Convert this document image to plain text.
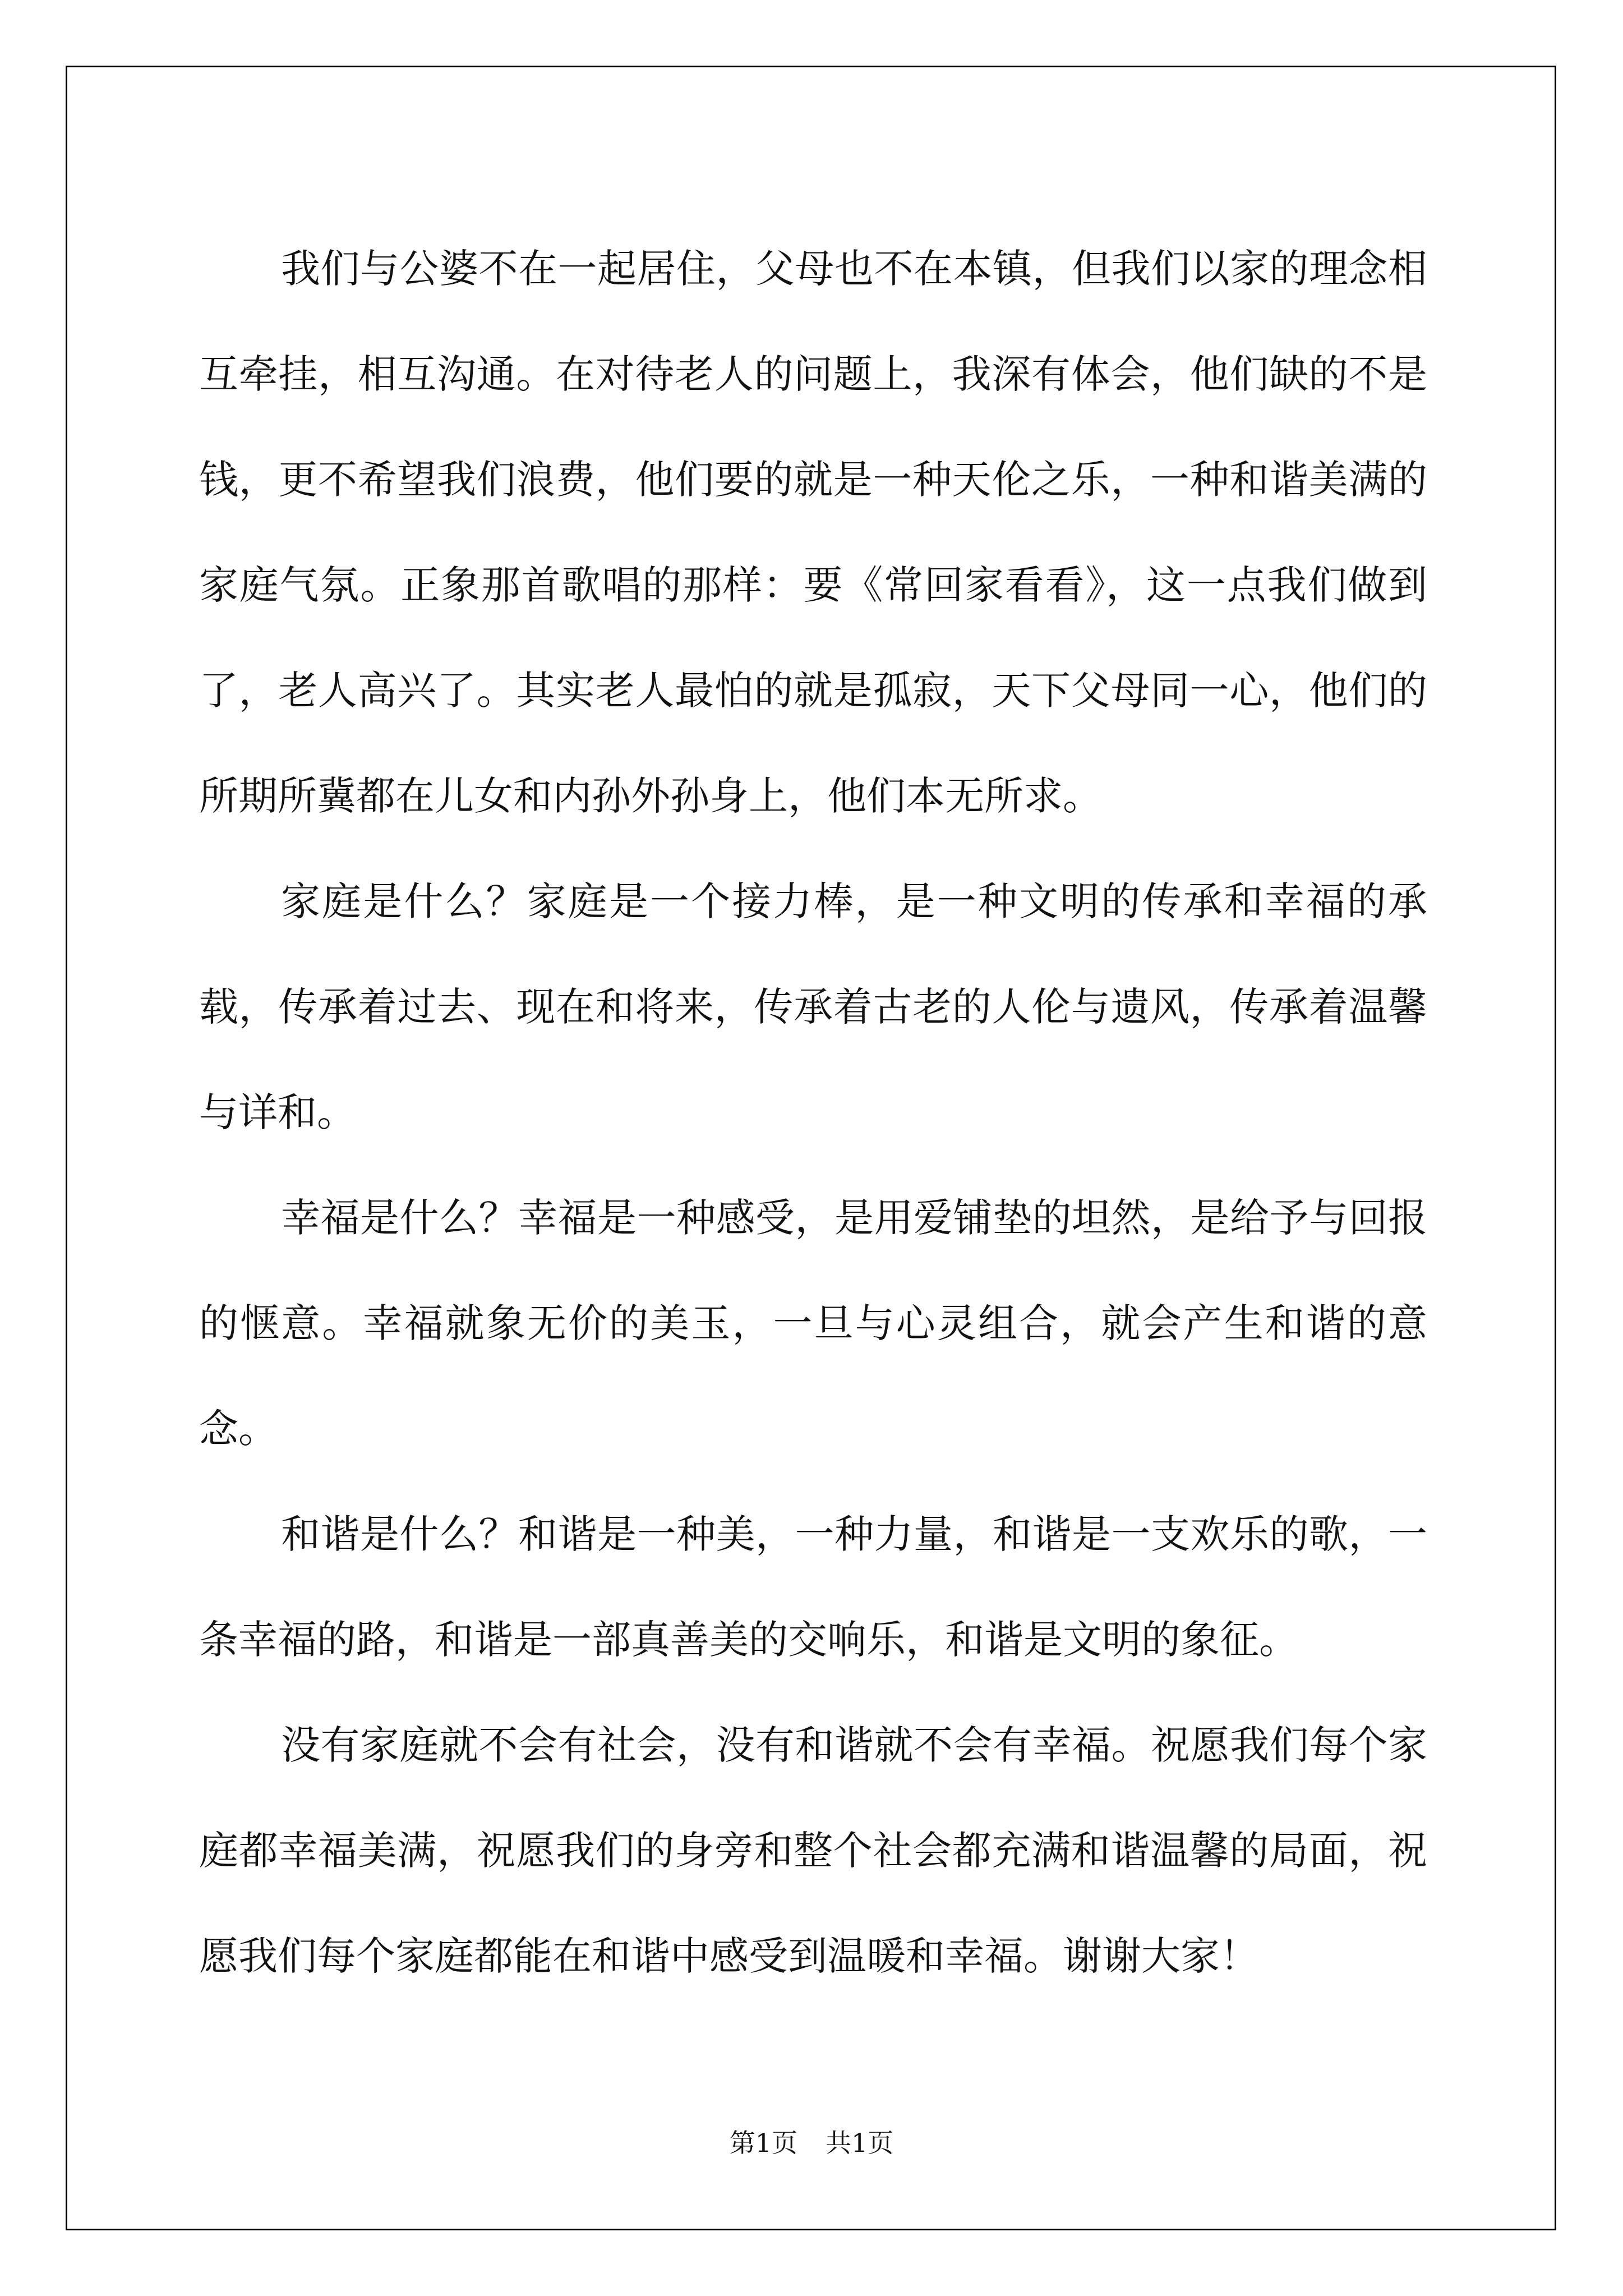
我们与公婆不在一起居住，父母也不在本镇，但我们以家的理念相互牵挂，相互沟通。在对待老人的问题上，我深有体会，他们缺的不是钱，更不希望我们浪费，他们要的就是一种天伦之乐，一种和谐美满的家庭气氛。正象那首歌唱的那样：要《常回家看看》，这一点我们做到了，老人高兴了。其实老人最怕的就是孤寂，天下父母同一心，他们的所期所冀都在儿女和内孙外孙身上，他们本无所求。

家庭是什么？家庭是一个接力棒，是一种文明的传承和幸福的承载，传承着过去、现在和将来，传承着古老的人伦与遗风，传承着温馨与详和。

幸福是什么？幸福是一种感受，是用爱铺垫的坦然，是给予与回报的惬意。幸福就象无价的美玉，一旦与心灵组合，就会产生和谐的意念。

和谐是什么？和谐是一种美，一种力量，和谐是一支欢乐的歌，一条幸福的路，和谐是一部真善美的交响乐，和谐是文明的象征。

没有家庭就不会有社会，没有和谐就不会有幸福。祝愿我们每个家庭都幸福美满，祝愿我们的身旁和整个社会都充满和谐温馨的局面，祝愿我们每个家庭都能在和谐中感受到温暖和幸福。谢谢大家！

第1页 共1页
